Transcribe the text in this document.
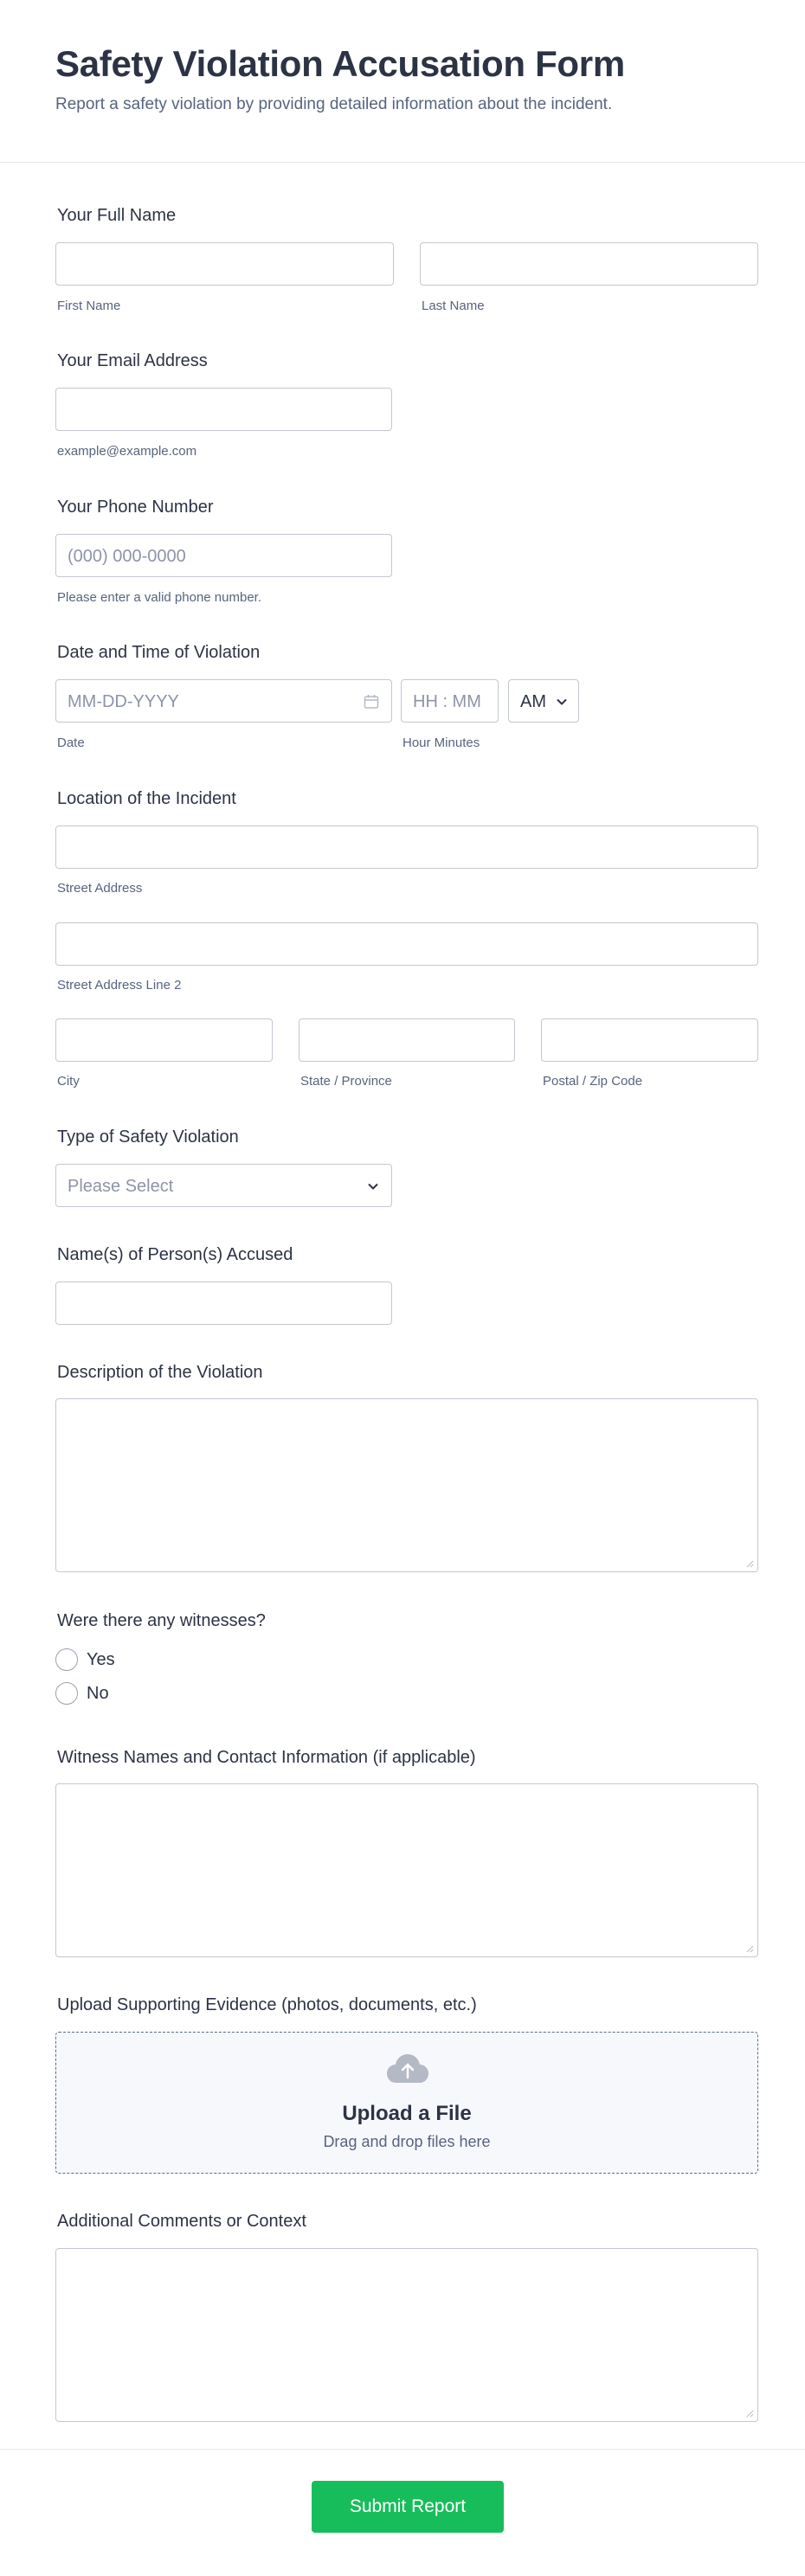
Safety Violation Accusation Form

Report a safety violation by providing detailed information about the incident.

Your Full Name
First Name	Last Name
Your Email Address
example@example.com
Your Phone Number
(000) 000-0000
Please enter a valid phone number.
Date and Time of Violation
MM-DD-YYYY
Date
HH : MM
Hour Minutes
AM
Location of the Incident
Street Address
Street Address Line 2
City	State / Province	Postal / Zip Code
Type of Safety Violation
Please Select
Name(s) of Person(s) Accused
Description of the Violation
Were there any witnesses?
Yes
No
Witness Names and Contact Information (if applicable)
Upload Supporting Evidence (photos, documents, etc.)
Upload a File
Drag and drop files here
Additional Comments or Context
Submit Report
